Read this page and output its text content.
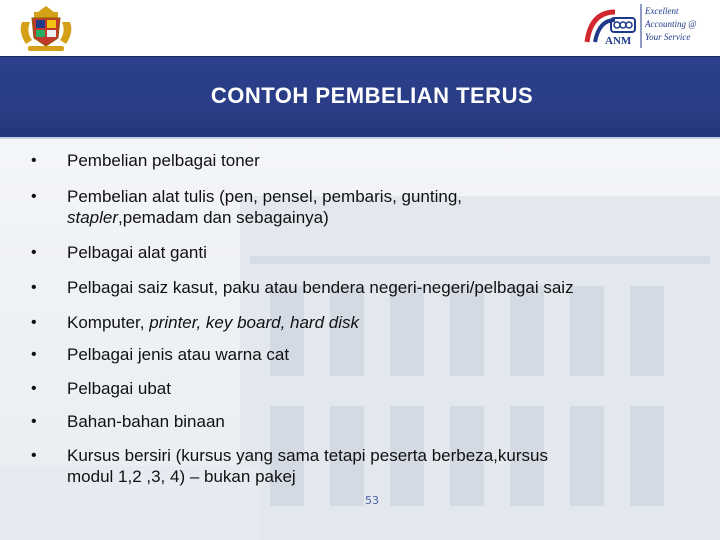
ANM
Excellent
Accounting @
Your Service
CONTOH PEMBELIAN TERUS
• Pembelian pelbagai toner
• Pembelian alat tulis (pen, pensel, pembaris, gunting,
stapler,pemadam dan sebagainya)
• Pelbagai alat ganti
• Pelbagai saiz kasut, paku atau bendera negeri-negeri/pelbagai saiz
• Komputer, printer, key board, hard disk
• Pelbagai jenis atau warna cat
• Pelbagai ubat
• Bahan-bahan binaan
• Kursus bersiri (kursus yang sama tetapi peserta berbeza,kursus
modul 1,2 ,3, 4) – bukan pakej
53
